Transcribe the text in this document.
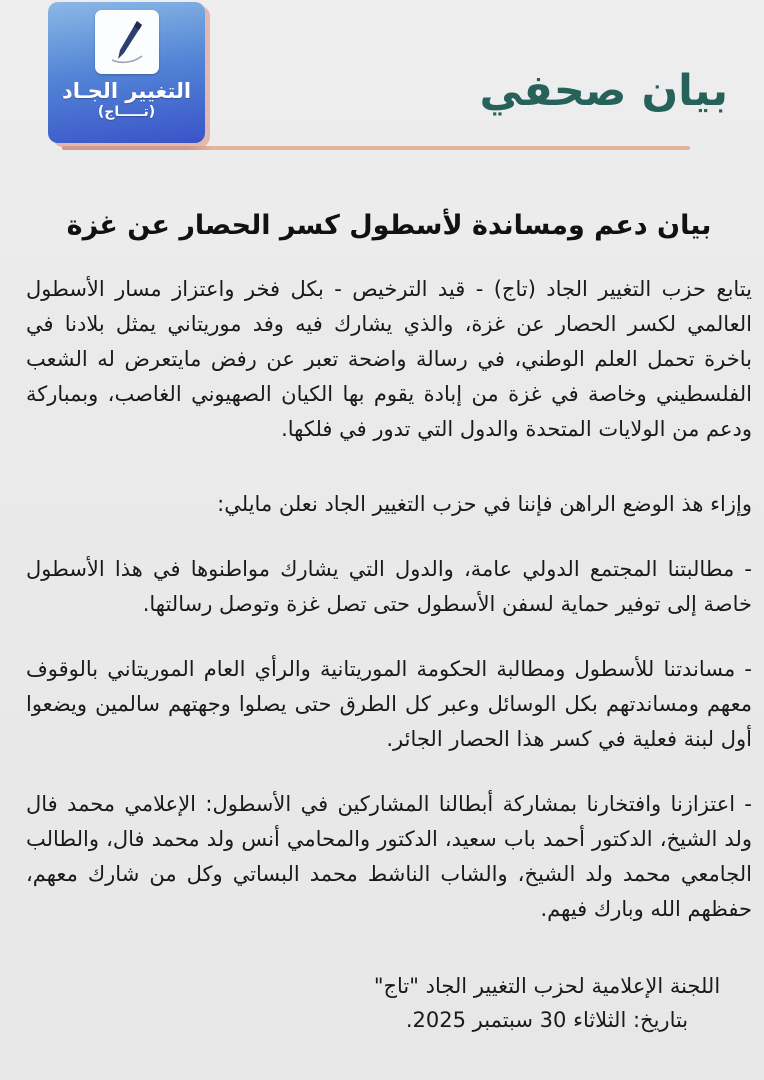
التغيير الجـاد
(تـــــاج)	بيان صحفي
بيان دعم ومساندة لأسطول كسر الحصار عن غزة

يتابع حزب التغيير الجاد (تاج) - قيد الترخيص - بكل فخر واعتزاز مسار الأسطول العالمي لكسر الحصار عن غزة، والذي يشارك فيه وفد موريتاني يمثل بلادنا في باخرة تحمل العلم الوطني، في رسالة واضحة تعبر عن رفض مايتعرض له الشعب الفلسطيني وخاصة في غزة من إبادة يقوم بها الكيان الصهيوني الغاصب، وبمباركة ودعم من الولايات المتحدة والدول التي تدور في فلكها.

وإزاء هذ الوضع الراهن فإننا في حزب التغيير الجاد نعلن مايلي:

- مطالبتنا المجتمع الدولي عامة، والدول التي يشارك مواطنوها في هذا الأسطول خاصة إلى توفير حماية لسفن الأسطول حتى تصل غزة وتوصل رسالتها.

- مساندتنا للأسطول ومطالبة الحكومة الموريتانية والرأي العام الموريتاني بالوقوف معهم ومساندتهم بكل الوسائل وعبر كل الطرق حتى يصلوا وجهتهم سالمين ويضعوا أول لبنة فعلية في كسر هذا الحصار الجائر.

- اعتزازنا وافتخارنا بمشاركة أبطالنا المشاركين في الأسطول: الإعلامي محمد فال ولد الشيخ، الدكتور أحمد باب سعيد، الدكتور والمحامي أنس ولد محمد فال، والطالب الجامعي محمد ولد الشيخ، والشاب الناشط محمد البساتي وكل من شارك معهم، حفظهم الله وبارك فيهم.

اللجنة الإعلامية لحزب التغيير الجاد "تاج"
بتاريخ: الثلاثاء 30 سبتمبر 2025.
